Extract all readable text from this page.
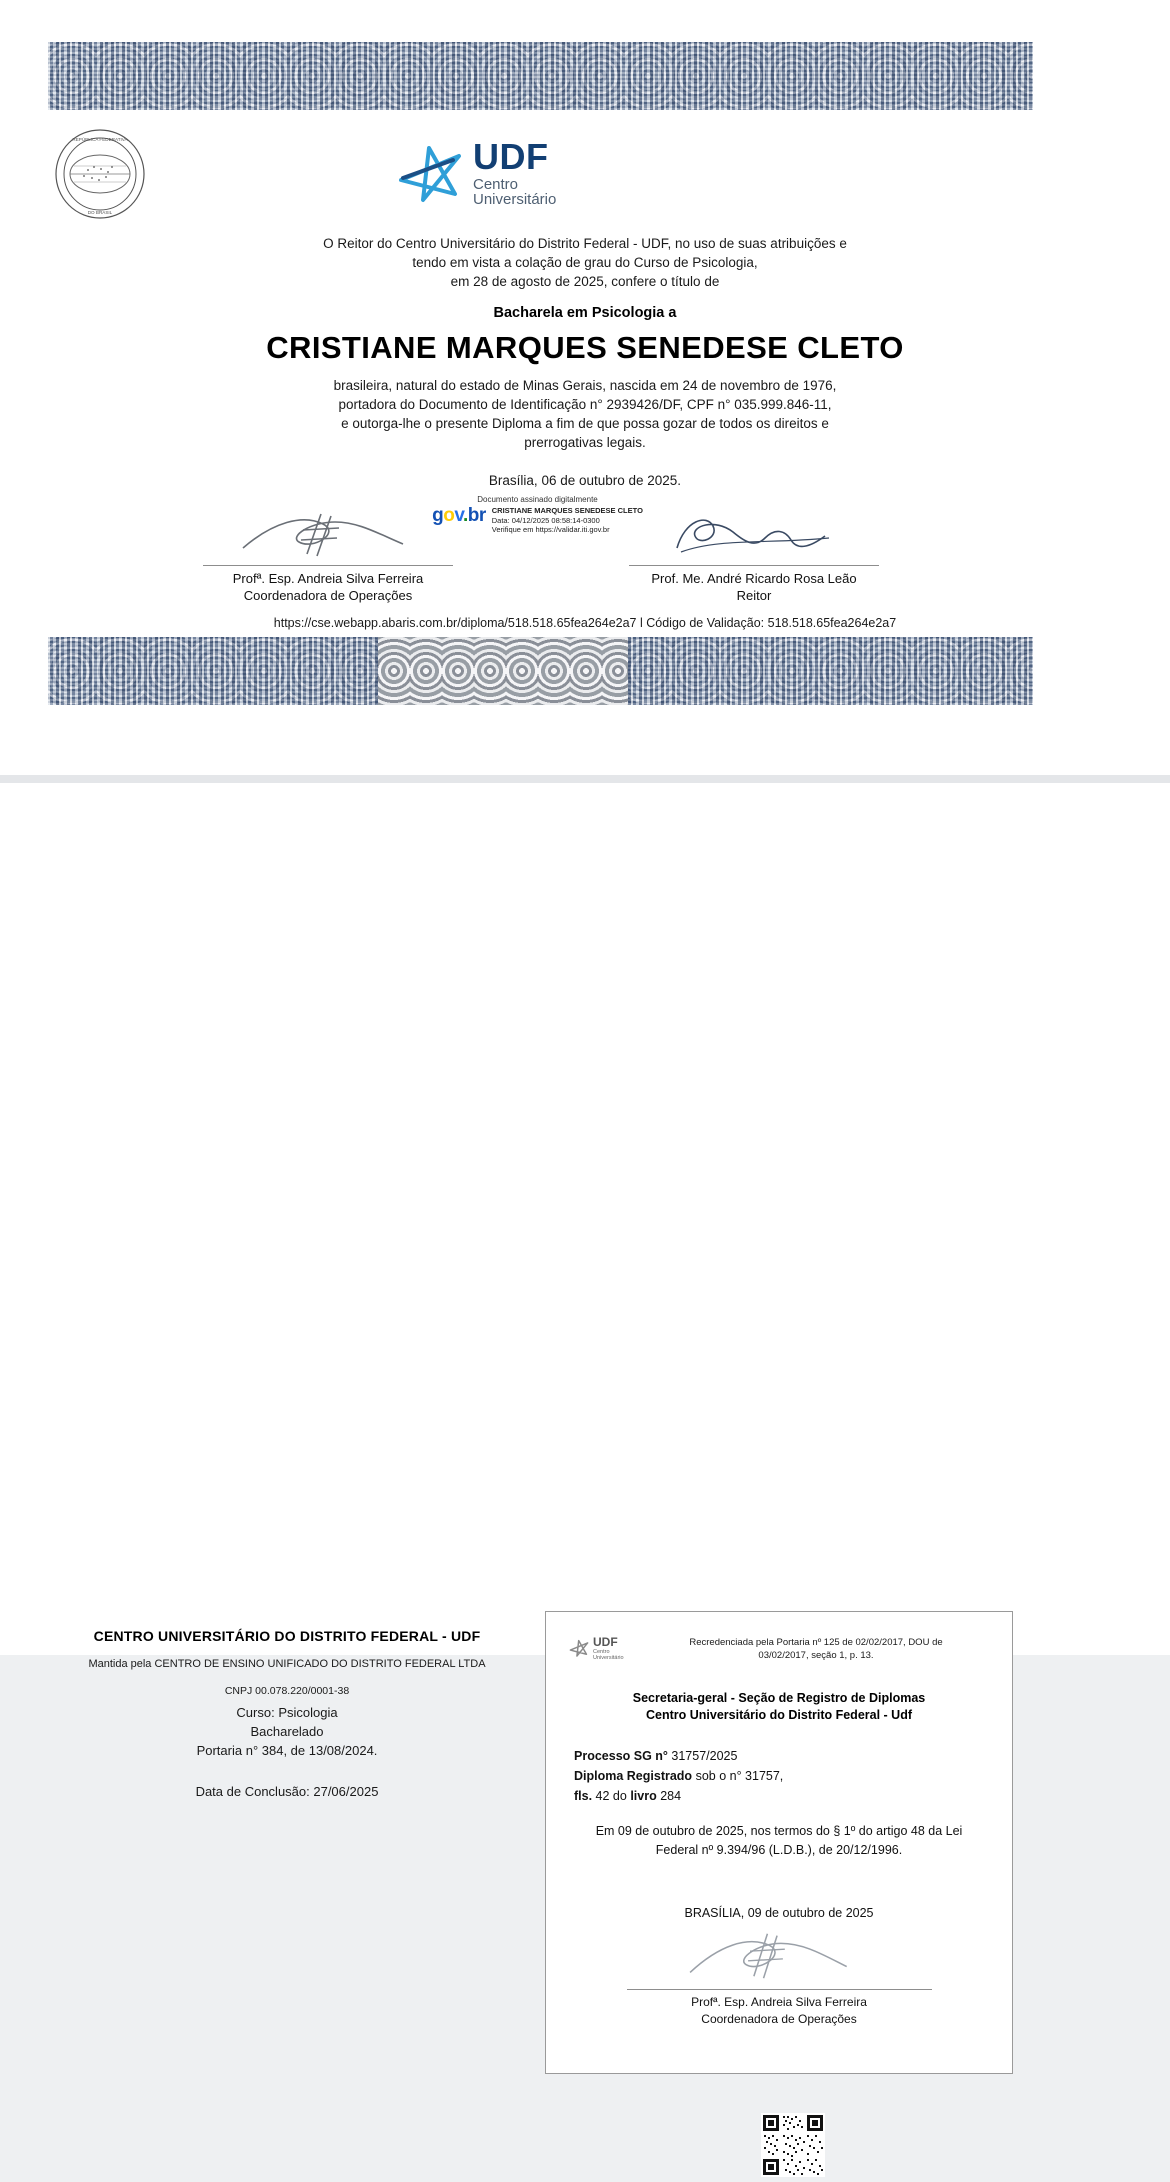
REPÚBLICA FEDERATIVA
DO BRASIL
UDF
Centro
Universitário
O Reitor do Centro Universitário do Distrito Federal - UDF, no uso de suas atribuições e
tendo em vista a colação de grau do Curso de Psicologia,
em 28 de agosto de 2025, confere o título de
Bacharela em Psicologia a
CRISTIANE MARQUES SENEDESE CLETO
brasileira, natural do estado de Minas Gerais, nascida em 24 de novembro de 1976,
portadora do Documento de Identificação n° 2939426/DF, CPF n° 035.999.846-11,
e outorga-lhe o presente Diploma a fim de que possa gozar de todos os direitos e
prerrogativas legais.
Brasília, 06 de outubro de 2025.
Documento assinado digitalmente
gov.br CRISTIANE MARQUES SENEDESE CLETO
Data: 04/12/2025 08:58:14-0300
Verifique em https://validar.iti.gov.br
Profª. Esp. Andreia Silva Ferreira
Coordenadora de Operações
Prof. Me. André Ricardo Rosa Leão
Reitor
https://cse.webapp.abaris.com.br/diploma/518.518.65fea264e2a7 l Código de Validação: 518.518.65fea264e2a7
CENTRO UNIVERSITÁRIO DO DISTRITO FEDERAL - UDF
Mantida pela CENTRO DE ENSINO UNIFICADO DO DISTRITO FEDERAL LTDA
CNPJ 00.078.220/0001-38
Curso: Psicologia
Bacharelado
Portaria n° 384, de 13/08/2024.
Data de Conclusão: 27/06/2025
UDF
Centro
Universitário
Recredenciada pela Portaria nº 125 de 02/02/2017, DOU de
03/02/2017, seção 1, p. 13.
Secretaria-geral - Seção de Registro de Diplomas
Centro Universitário do Distrito Federal - Udf
Processo SG n° 31757/2025
Diploma Registrado sob o n° 31757,
fls. 42 do livro 284
Em 09 de outubro de 2025, nos termos do § 1º do artigo 48 da Lei
Federal nº 9.394/96 (L.D.B.), de 20/12/1996.
BRASÍLIA, 09 de outubro de 2025
Profª. Esp. Andreia Silva Ferreira
Coordenadora de Operações
